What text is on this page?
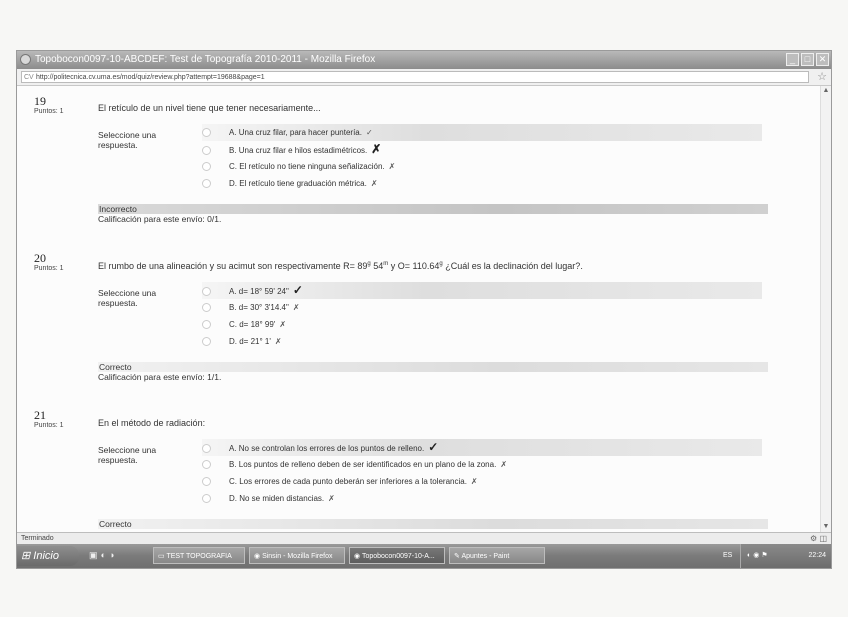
Topobocon0097-10-ABCDEF: Test de Topografía 2010-2011 - Mozilla Firefox	_	□ ✕
CV http://politecnica.cv.uma.es/mod/quiz/review.php?attempt=19688&page=1	☆
19
Puntos: 1	El retículo de un nivel tiene que tener necesariamente...
Seleccione una respuesta.
A. Una cruz filar, para hacer puntería. ✓
B. Una cruz filar e hilos estadimétricos. ✗
C. El retículo no tiene ninguna señalización. ✗
D. El retículo tiene graduación métrica. ✗
Incorrecto
Calificación para este envío: 0/1.
20
Puntos: 1	El rumbo de una alineación y su acimut son respectivamente $R= 89^g$ 54$^m$ y O= 110.64$^g$ ¿Cuál es la declinación del lugar?.
Seleccione una respuesta.
A. d= 18° 59' 24" ✓
B. d= 30° 3'14.4" ✗
C. d= 18° 99' ✗
D. d= 21° 1' ✗
Correcto
Calificación para este envío: 1/1.
21
Puntos: 1	En el método de radiación:
Seleccione una respuesta.
A. No se controlan los errores de los puntos de relleno. ✓
B. Los puntos de relleno deben de ser identificados en un plano de la zona. ✗
C. Los errores de cada punto deberán ser inferiores a la tolerancia. ✗
D. No se miden distancias. ✗
Correcto
▲
▼
Terminado	⚙ ◫
⊞ Inicio	▣◐◑	▭ TEST TOPOGRAFIA	◉ Sinsin - Mozilla Firefox	◉ Topobocon0097-10-A...	✎ Apuntes - Paint	ES ◐◉⚑	22:24
